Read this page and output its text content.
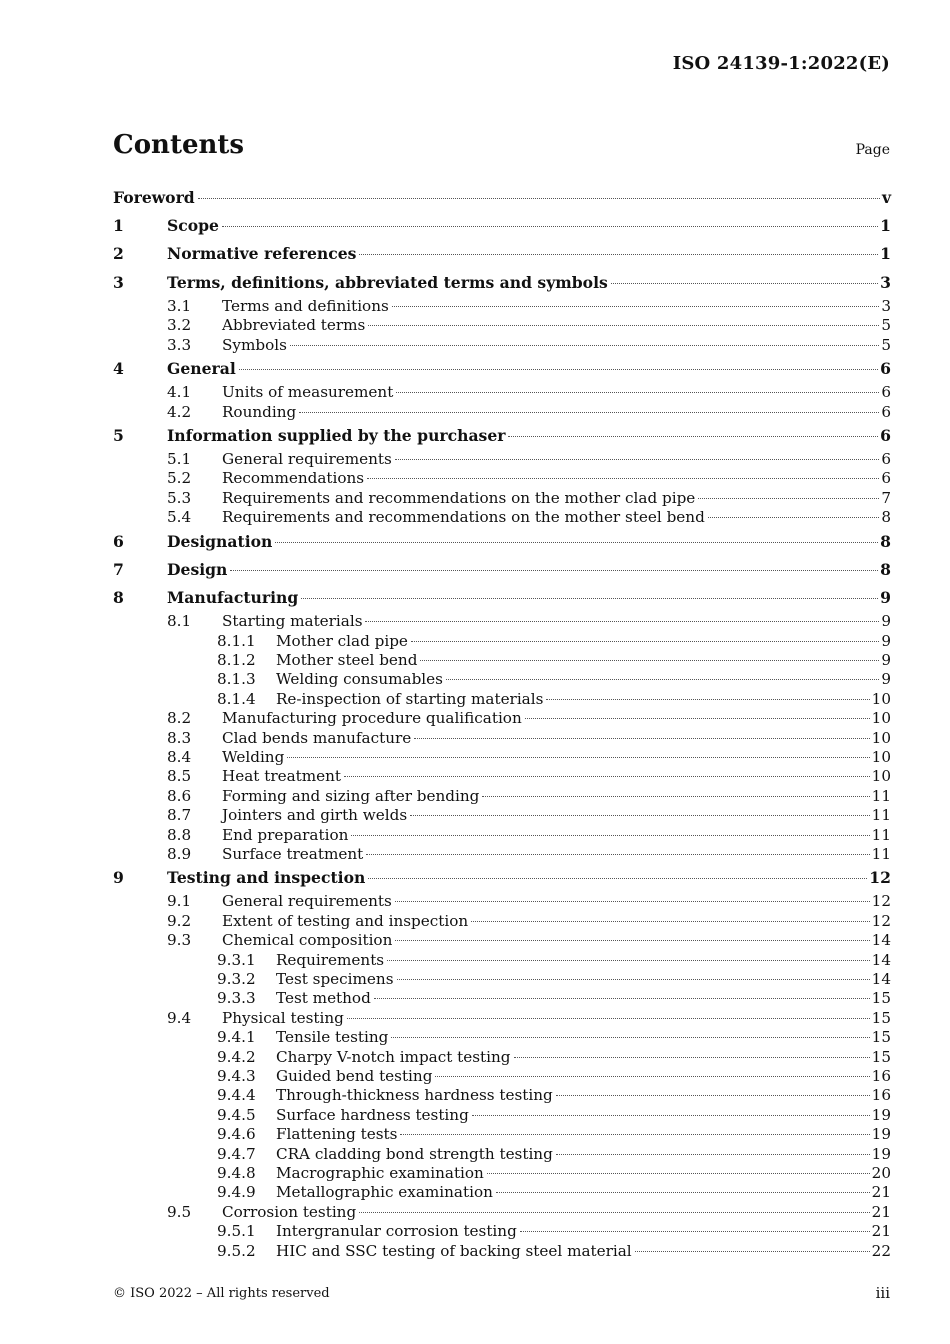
ISO 24139-1:2022(E)
Contents	Page
Foreword	v
1	Scope	1
2	Normative references	1
3	Terms, definitions, abbreviated terms and symbols	3
3.1 Terms and definitions	3
3.2 Abbreviated terms	5
3.3 Symbols	5
4	General	6
4.1 Units of measurement	6
4.2 Rounding	6
5	Information supplied by the purchaser	6
5.1 General requirements	6
5.2 Recommendations	6
5.3 Requirements and recommendations on the mother clad pipe	7
5.4 Requirements and recommendations on the mother steel bend	8
6	Designation	8
7	Design	8
8	Manufacturing	9
8.1 Starting materials	9
8.1.1 Mother clad pipe	9
8.1.2 Mother steel bend	9
8.1.3 Welding consumables	9
8.1.4 Re-inspection of starting materials	10
8.2 Manufacturing procedure qualification	10
8.3 Clad bends manufacture	10
8.4 Welding	10
8.5 Heat treatment	10
8.6 Forming and sizing after bending	11
8.7 Jointers and girth welds	11
8.8 End preparation	11
8.9 Surface treatment	11
9	Testing and inspection	12
9.1 General requirements	12
9.2 Extent of testing and inspection	12
9.3 Chemical composition	14
9.3.1 Requirements	14
9.3.2 Test specimens	14
9.3.3 Test method	15
9.4 Physical testing	15
9.4.1 Tensile testing	15
9.4.2 Charpy V-notch impact testing	15
9.4.3 Guided bend testing	16
9.4.4 Through-thickness hardness testing	16
9.4.5 Surface hardness testing	19
9.4.6 Flattening tests	19
9.4.7 CRA cladding bond strength testing	19
9.4.8 Macrographic examination	20
9.4.9 Metallographic examination	21
9.5 Corrosion testing	21
9.5.1 Intergranular corrosion testing	21
9.5.2 HIC and SSC testing of backing steel material	22
© ISO 2022 – All rights reserved	iii
